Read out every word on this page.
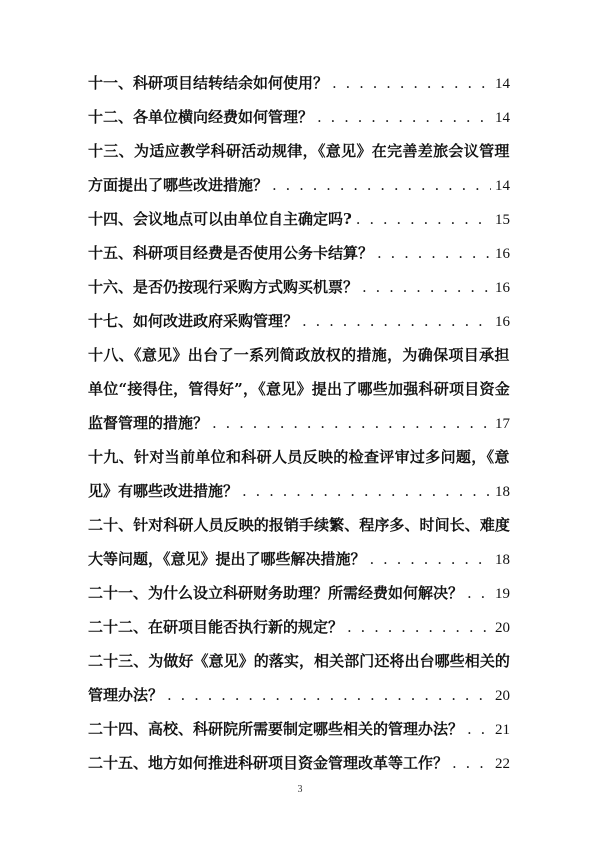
十一、科研项目结转结余如何使用？ . . .	14
十二、各单位横向经费如何管理？ . . .	14
十三、为适应教学科研活动规律，《意见》在完善差旅会议管理
方面提出了哪些改进措施？ . . .	14
十四、会议地点可以由单位自主确定吗? . . .	15
十五、科研项目经费是否使用公务卡结算？ . . .	16
十六、是否仍按现行采购方式购买机票？ . . .	16
十七、如何改进政府采购管理？ . . .	16
十八、《意见》出台了一系列简政放权的措施，为确保项目承担
单位“接得住，管得好”，《意见》提出了哪些加强科研项目资金
监督管理的措施？ . . .	17
十九、针对当前单位和科研人员反映的检查评审过多问题，《意
见》有哪些改进措施？ . . .	18
二十、针对科研人员反映的报销手续繁、程序多、时间长、难度
大等问题，《意见》提出了哪些解决措施？ . . .	18
二十一、为什么设立科研财务助理？所需经费如何解决？ . . . 19
二十二、在研项目能否执行新的规定？ . . .	20
二十三、为做好《意见》的落实，相关部门还将出台哪些相关的
管理办法？ . . .	20
二十四、高校、科研院所需要制定哪些相关的管理办法？ . . . 21
二十五、地方如何推进科研项目资金管理改革等工作？ . . .	22
3
